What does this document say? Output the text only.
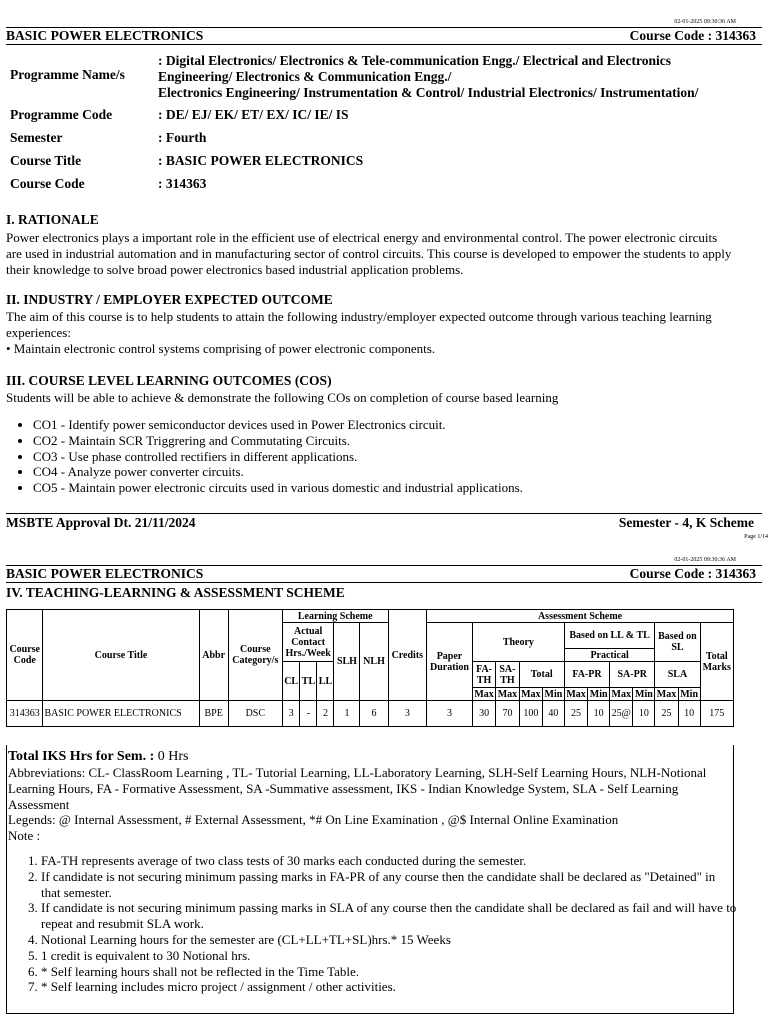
02-01-2025 09:30:36 AM
BASIC POWER ELECTRONICS	Course Code : 314363
Programme Name/s
: Digital Electronics/ Electronics & Tele-communication Engg./ Electrical and Electronics Engineering/ Electronics & Communication Engg./
Electronics Engineering/ Instrumentation & Control/ Industrial Electronics/ Instrumentation/
Programme Code	: DE/ EJ/ EK/ ET/ EX/ IC/ IE/ IS
Semester	: Fourth
Course Title	: BASIC POWER ELECTRONICS
Course Code	: 314363
I. RATIONALE
Power electronics plays a important role in the efficient use of electrical energy and environmental control. The power electronic circuits are used in industrial automation and in manufacturing sector of control circuits. This course is developed to empower the students to apply their knowledge to solve broad power electronics based industrial application problems.
II. INDUSTRY / EMPLOYER EXPECTED OUTCOME
The aim of this course is to help students to attain the following industry/employer expected outcome through various teaching learning experiences:
• Maintain electronic control systems comprising of power electronic components.
III. COURSE LEVEL LEARNING OUTCOMES (COS)
Students will be able to achieve & demonstrate the following COs on completion of course based learning
• CO1 - Identify power semiconductor devices used in Power Electronics circuit.
• CO2 - Maintain SCR Triggrering and Commutating Circuits.
• CO3 - Use phase controlled rectifiers in different applications.
• CO4 - Analyze power converter circuits.
• CO5 - Maintain power electronic circuits used in various domestic and industrial applications.
MSBTE Approval Dt. 21/11/2024	Semester - 4, K Scheme
Page 1/14
02-01-2025 09:30:36 AM
BASIC POWER ELECTRONICS	Course Code : 314363
IV. TEACHING-LEARNING & ASSESSMENT SCHEME
Course Code	Course Title	Abbr	Course Category/s	Learning Scheme					Credits	Assessment Scheme											
				Actual Contact Hrs./Week			SLH	NLH		Paper Duration	Theory				Based on LL & TL				Based on SL		Total Marks
															Practical						
				CL	TL	LL					FA- TH	SA- TH	Total		FA-PR		SA-PR		SLA		
											Max	Max	Max	Min	Max	Min	Max	Min	Max	Min	
314363	BASIC POWER ELECTRONICS	BPE	DSC	3	-	2	1	6	3	3	30	70	100	40	25	10	25@	10	25	10	175
Total IKS Hrs for Sem. : 0 Hrs
Abbreviations: CL- ClassRoom Learning , TL- Tutorial Learning, LL-Laboratory Learning, SLH-Self Learning Hours, NLH-Notional Learning Hours, FA - Formative Assessment, SA -Summative assessment, IKS - Indian Knowledge System, SLA - Self Learning Assessment
Legends: @ Internal Assessment, # External Assessment, *# On Line Examination , @$ Internal Online Examination
Note :
1. FA-TH represents average of two class tests of 30 marks each conducted during the semester.
2. If candidate is not securing minimum passing marks in FA-PR of any course then the candidate shall be declared as "Detained" in that semester.
3. If candidate is not securing minimum passing marks in SLA of any course then the candidate shall be declared as fail and will have to repeat and resubmit SLA work.
4. Notional Learning hours for the semester are (CL+LL+TL+SL)hrs.* 15 Weeks
5. 1 credit is equivalent to 30 Notional hrs.
6. * Self learning hours shall not be reflected in the Time Table.
7. * Self learning includes micro project / assignment / other activities.
